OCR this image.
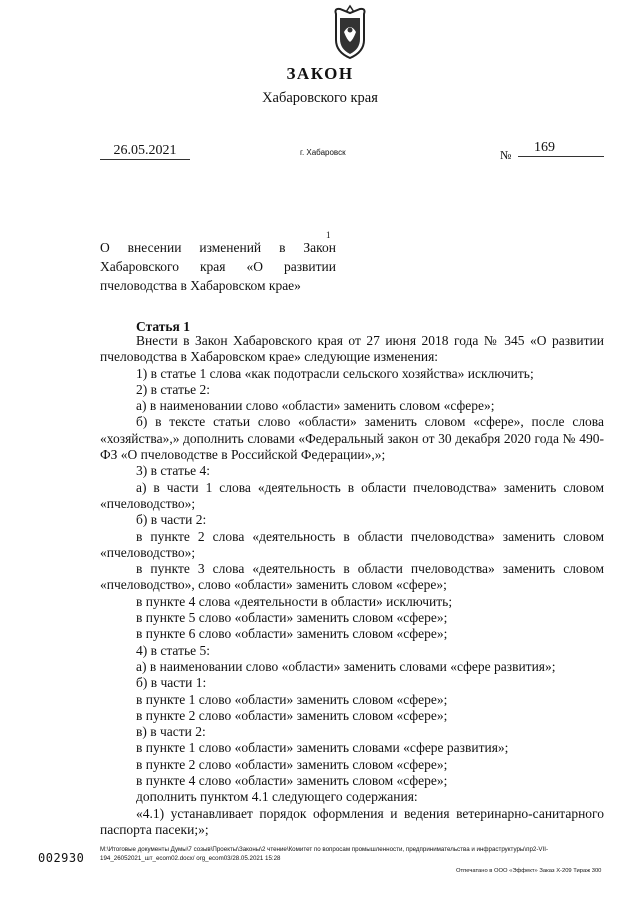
ЗАКОН
Хабаровского края
26.05.2021	г. Хабаровск	№	169
О внесении изменений в Закон
Хабаровского края «О развитии
пчеловодства в Хабаровском крае»
1
Статья 1

Внести в Закон Хабаровского края от 27 июня 2018 года № 345 «О развитии пчеловодства в Хабаровском крае» следующие изменения:

1) в статье 1 слова «как подотрасли сельского хозяйства» исключить;

2) в статье 2:

а) в наименовании слово «области» заменить словом «сфере»;

б) в тексте статьи слово «области» заменить словом «сфере», после слова «хозяйства»,» дополнить словами «Федеральный закон от 30 декабря 2020 года № 490-ФЗ «О пчеловодстве в Российской Федерации»,»;

3) в статье 4:

а) в части 1 слова «деятельность в области пчеловодства» заменить словом «пчеловодство»;

б) в части 2:

в пункте 2 слова «деятельность в области пчеловодства» заменить словом «пчеловодство»;

в пункте 3 слова «деятельность в области пчеловодства» заменить словом «пчеловодство», слово «области» заменить словом «сфере»;

в пункте 4 слова «деятельности в области» исключить;

в пункте 5 слово «области» заменить словом «сфере»;

в пункте 6 слово «области» заменить словом «сфере»;

4) в статье 5:

а) в наименовании слово «области» заменить словами «сфере развития»;

б) в части 1:

в пункте 1 слово «области» заменить словом «сфере»;

в пункте 2 слово «области» заменить словом «сфере»;

в) в части 2:

в пункте 1 слово «области» заменить словами «сфере развития»;

в пункте 2 слово «области» заменить словом «сфере»;

в пункте 4 слово «области» заменить словом «сфере»;

дополнить пунктом 4.1 следующего содержания:

«4.1) устанавливает порядок оформления и ведения ветеринарно-санитарного паспорта пасеки;»;

002930
M:\Итоговые документы Думы\7 созыв\Проекты\Законы\2 чтение\Комитет по вопросам промышленности, предпринимательства и инфраструктуры\пр2-VII-194_26052021_шт_ecom02.docx/ org_ecom03/28.05.2021 15:28
Отпечатано в ООО «Эффект» Заказ X-209 Тираж 300
